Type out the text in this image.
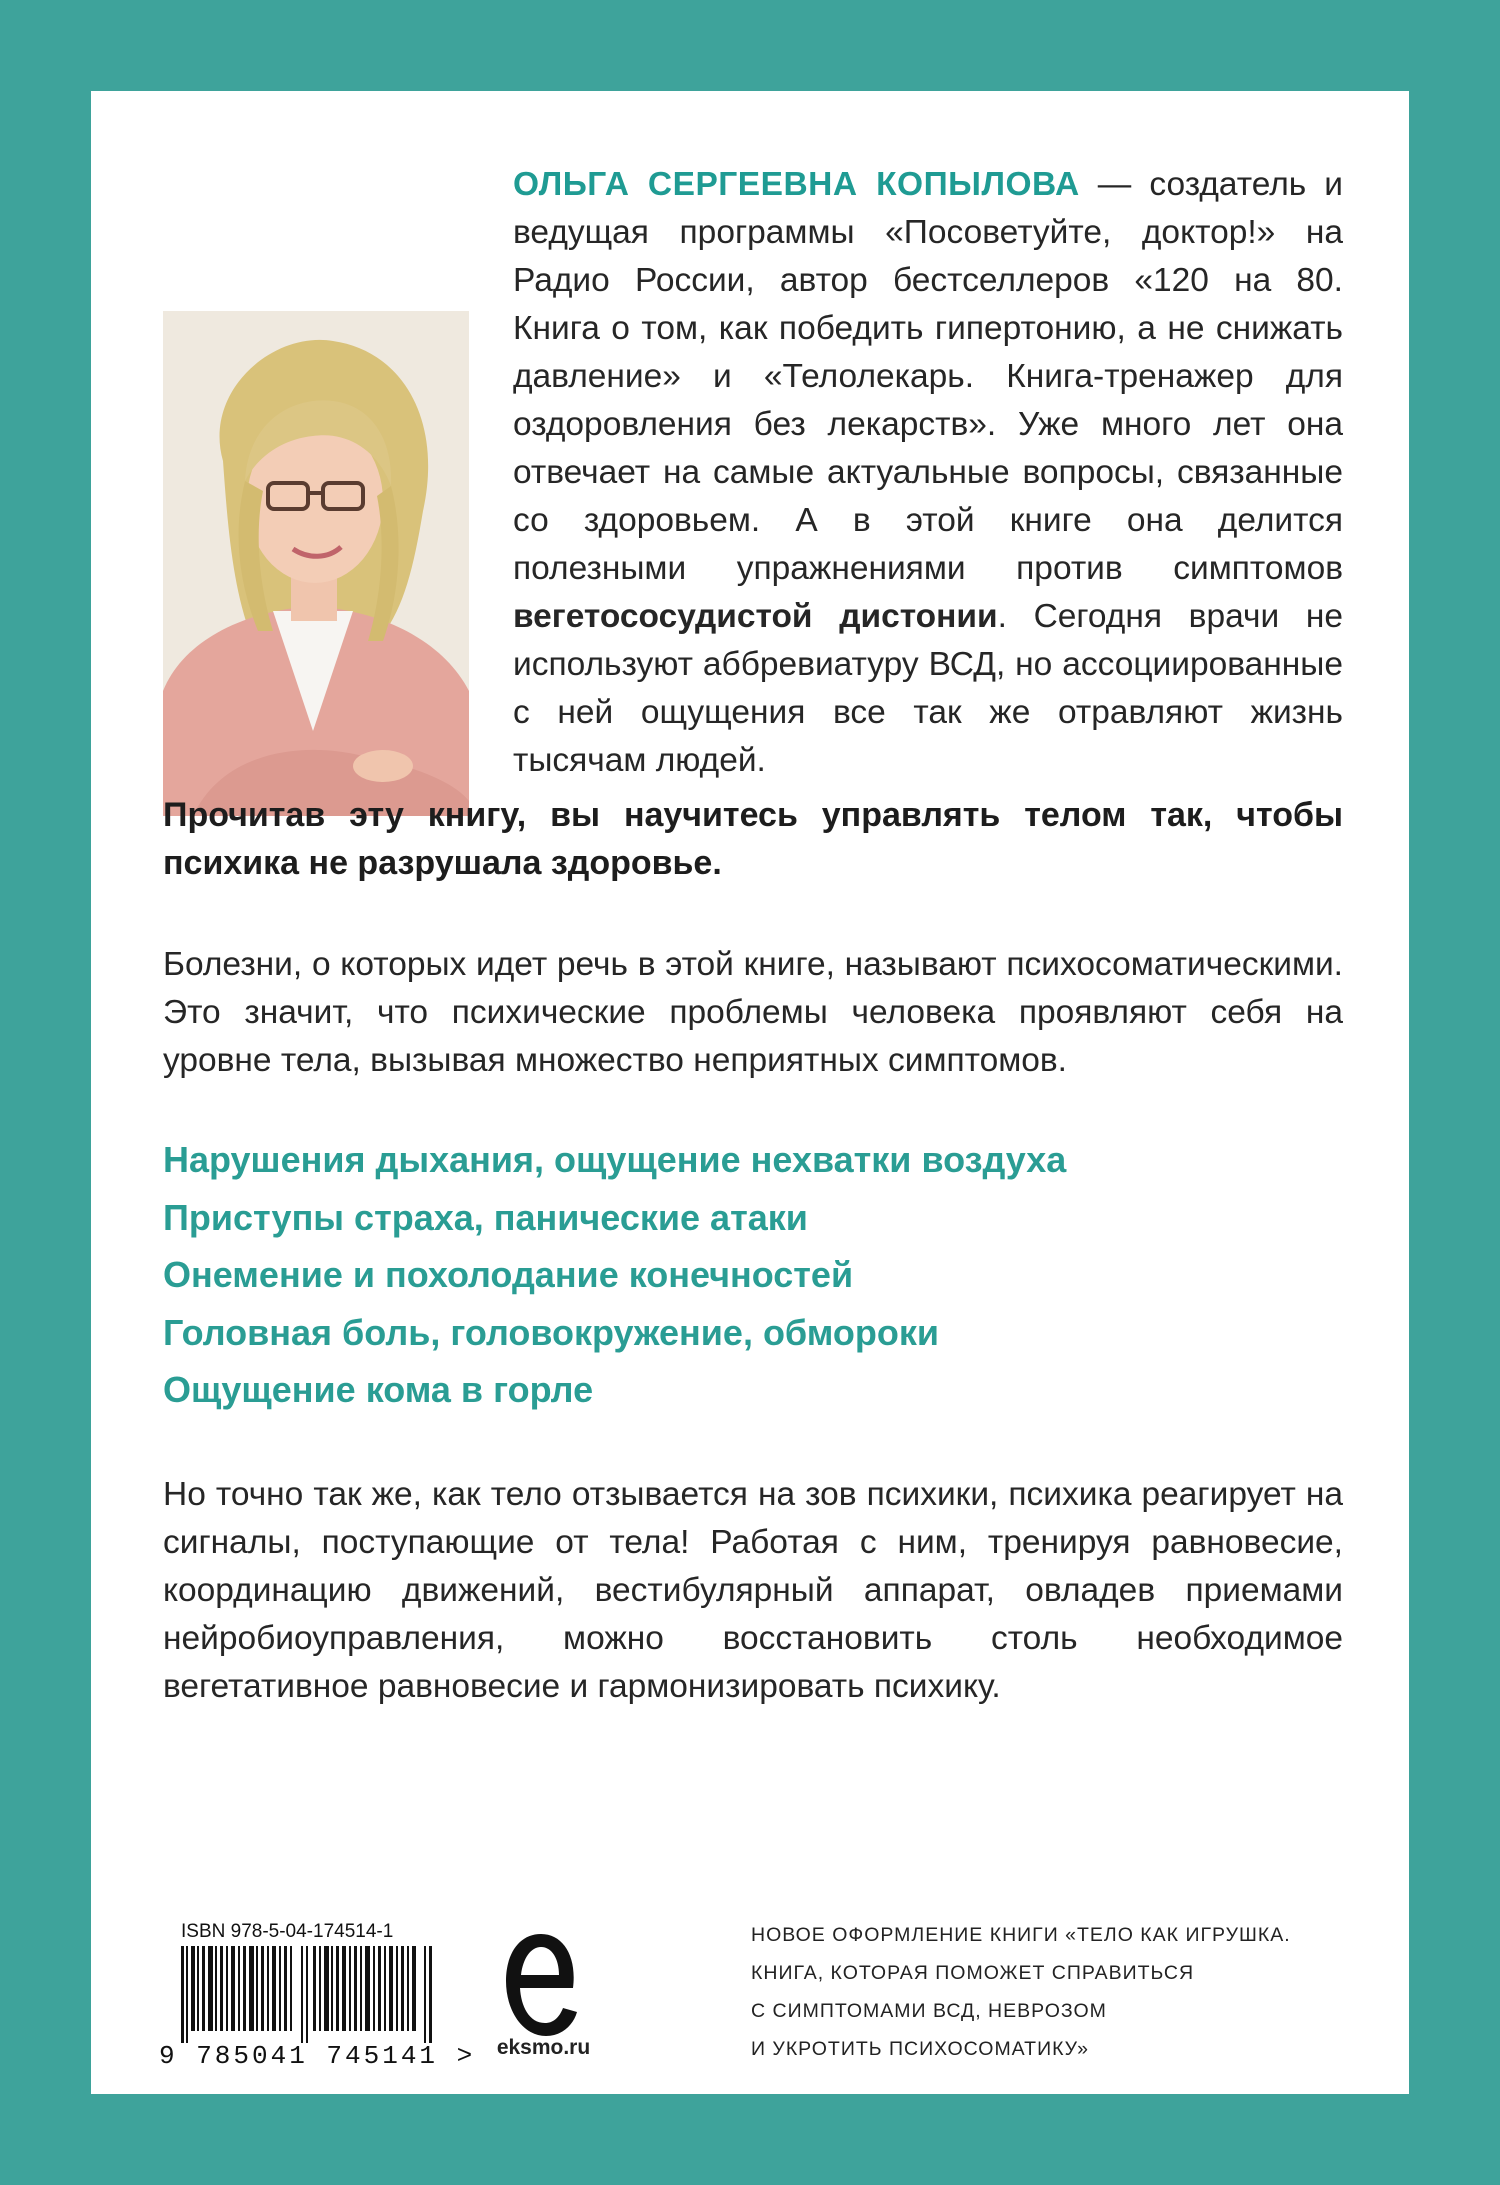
ОЛЬГА СЕРГЕЕВНА КОПЫЛОВА — создатель и ведущая программы «Посоветуйте, доктор!» на Радио России, автор бестселлеров «120 на 80. Книга о том, как победить гипертонию, а не снижать давление» и «Телолекарь. Книга-тренажер для оздоровления без лекарств». Уже много лет она отвечает на самые актуальные вопросы, связанные со здоровьем. А в этой книге она делится полезными упражнениями против симптомов вегетососудистой дистонии. Сегодня врачи не используют аббревиатуру ВСД, но ассоциированные с ней ощущения все так же отравляют жизнь тысячам людей.
Прочитав эту книгу, вы научитесь управлять телом так, чтобы психика не разрушала здоровье.
Болезни, о которых идет речь в этой книге, называют психосоматическими. Это значит, что психические проблемы человека проявляют себя на уровне тела, вызывая множество неприятных симптомов.
Нарушения дыхания, ощущение нехватки воздуха
Приступы страха, панические атаки
Онемение и похолодание конечностей
Головная боль, головокружение, обмороки
Ощущение кома в горле
Но точно так же, как тело отзывается на зов психики, психика реагирует на сигналы, поступающие от тела! Работая с ним, тренируя равновесие, координацию движений, вестибулярный аппарат, овладев приемами нейробиоуправления, можно восстановить столь необходимое вегетативное равновесие и гармонизировать психику.
ISBN 978-5-04-174514-1
9 785041 745141 > eksmo.ru
НОВОЕ ОФОРМЛЕНИЕ КНИГИ «ТЕЛО КАК ИГРУШКА.
КНИГА, КОТОРАЯ ПОМОЖЕТ СПРАВИТЬСЯ
С СИМПТОМАМИ ВСД, НЕВРОЗОМ
И УКРОТИТЬ ПСИХОСОМАТИКУ»
